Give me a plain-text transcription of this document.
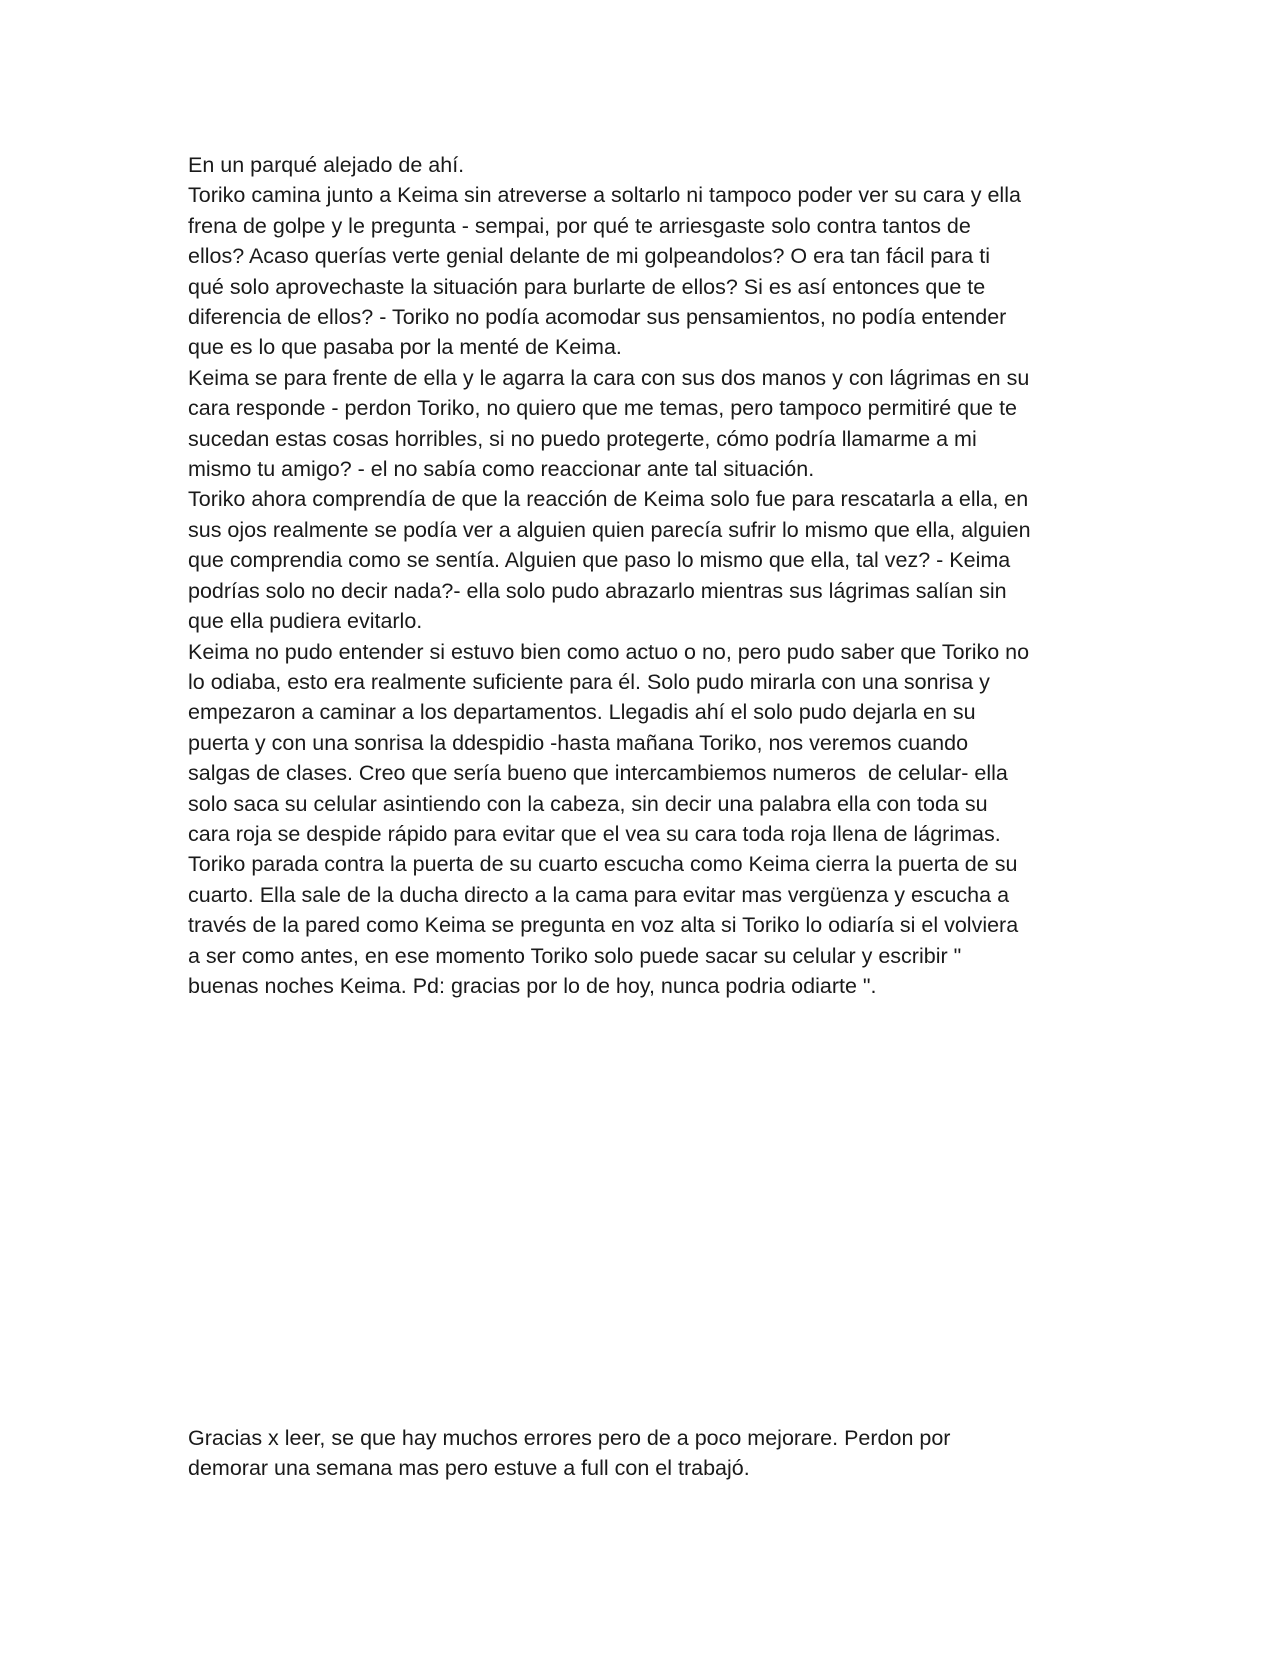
En un parqué alejado de ahí.
Toriko camina junto a Keima sin atreverse a soltarlo ni tampoco poder ver su cara y ella
frena de golpe y le pregunta - sempai, por qué te arriesgaste solo contra tantos de
ellos? Acaso querías verte genial delante de mi golpeandolos? O era tan fácil para ti
qué solo aprovechaste la situación para burlarte de ellos? Si es así entonces que te
diferencia de ellos? - Toriko no podía acomodar sus pensamientos, no podía entender
que es lo que pasaba por la menté de Keima.
Keima se para frente de ella y le agarra la cara con sus dos manos y con lágrimas en su
cara responde - perdon Toriko, no quiero que me temas, pero tampoco permitiré que te
sucedan estas cosas horribles, si no puedo protegerte, cómo podría llamarme a mi
mismo tu amigo? - el no sabía como reaccionar ante tal situación.
Toriko ahora comprendía de que la reacción de Keima solo fue para rescatarla a ella, en
sus ojos realmente se podía ver a alguien quien parecía sufrir lo mismo que ella, alguien
que comprendia como se sentía. Alguien que paso lo mismo que ella, tal vez? - Keima
podrías solo no decir nada?- ella solo pudo abrazarlo mientras sus lágrimas salían sin
que ella pudiera evitarlo.
Keima no pudo entender si estuvo bien como actuo o no, pero pudo saber que Toriko no
lo odiaba, esto era realmente suficiente para él. Solo pudo mirarla con una sonrisa y
empezaron a caminar a los departamentos. Llegadis ahí el solo pudo dejarla en su
puerta y con una sonrisa la ddespidio -hasta mañana Toriko, nos veremos cuando
salgas de clases. Creo que sería bueno que intercambiemos numeros  de celular- ella
solo saca su celular asintiendo con la cabeza, sin decir una palabra ella con toda su
cara roja se despide rápido para evitar que el vea su cara toda roja llena de lágrimas.
Toriko parada contra la puerta de su cuarto escucha como Keima cierra la puerta de su
cuarto. Ella sale de la ducha directo a la cama para evitar mas vergüenza y escucha a
través de la pared como Keima se pregunta en voz alta si Toriko lo odiaría si el volviera
a ser como antes, en ese momento Toriko solo puede sacar su celular y escribir "
buenas noches Keima. Pd: gracias por lo de hoy, nunca podria odiarte ".
Gracias x leer, se que hay muchos errores pero de a poco mejorare. Perdon por
demorar una semana mas pero estuve a full con el trabajó.
